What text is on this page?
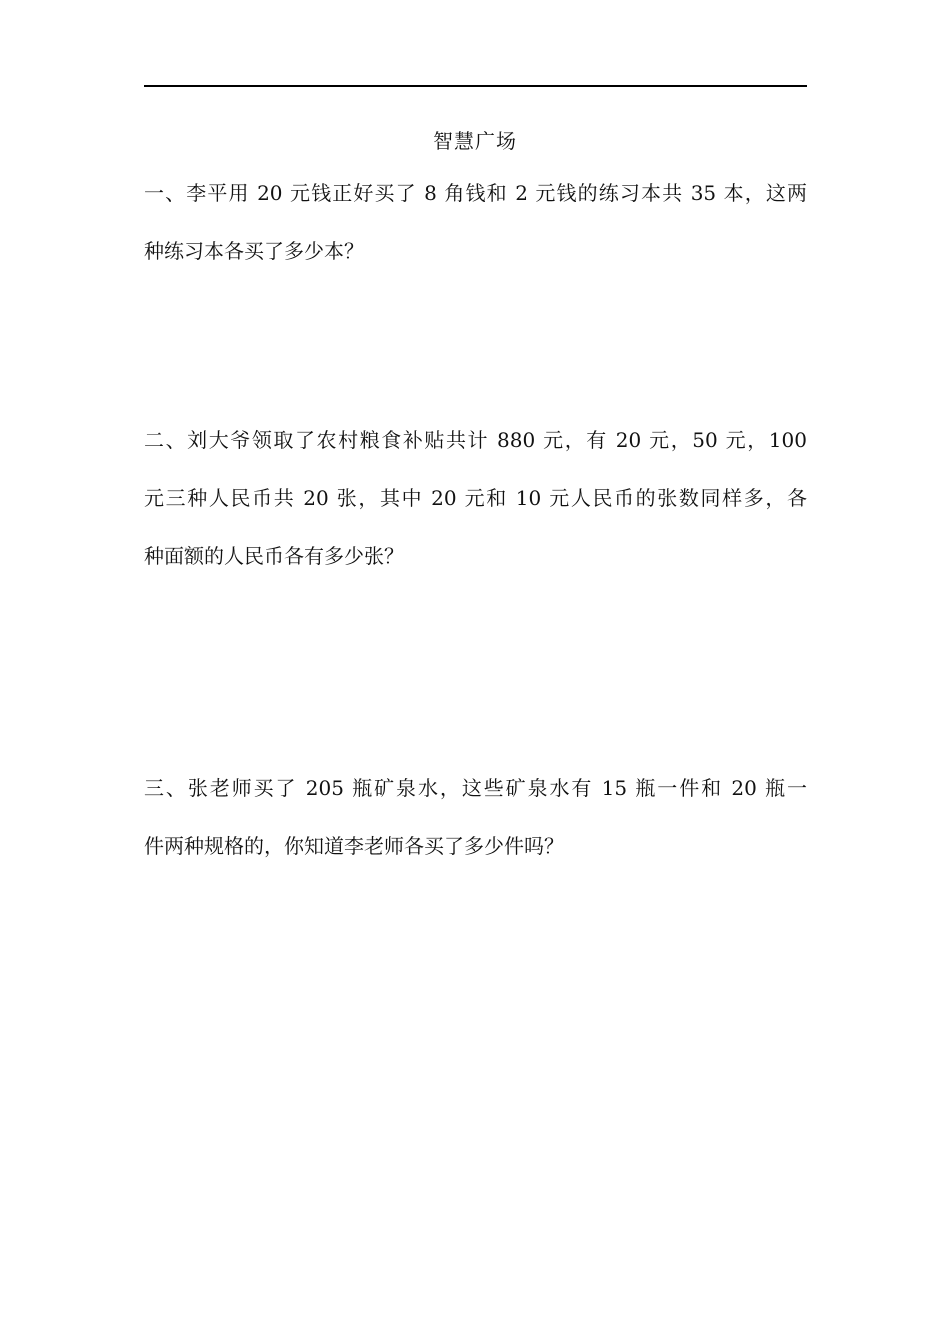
智慧广场
一、李平用 20 元钱正好买了 8 角钱和 2 元钱的练习本共 35 本，这两
种练习本各买了多少本？
二、刘大爷领取了农村粮食补贴共计 880 元，有 20 元，50 元，100
元三种人民币共 20 张，其中 20 元和 10 元人民币的张数同样多，各
种面额的人民币各有多少张？
三、张老师买了 205 瓶矿泉水，这些矿泉水有 15 瓶一件和 20 瓶一
件两种规格的，你知道李老师各买了多少件吗？
